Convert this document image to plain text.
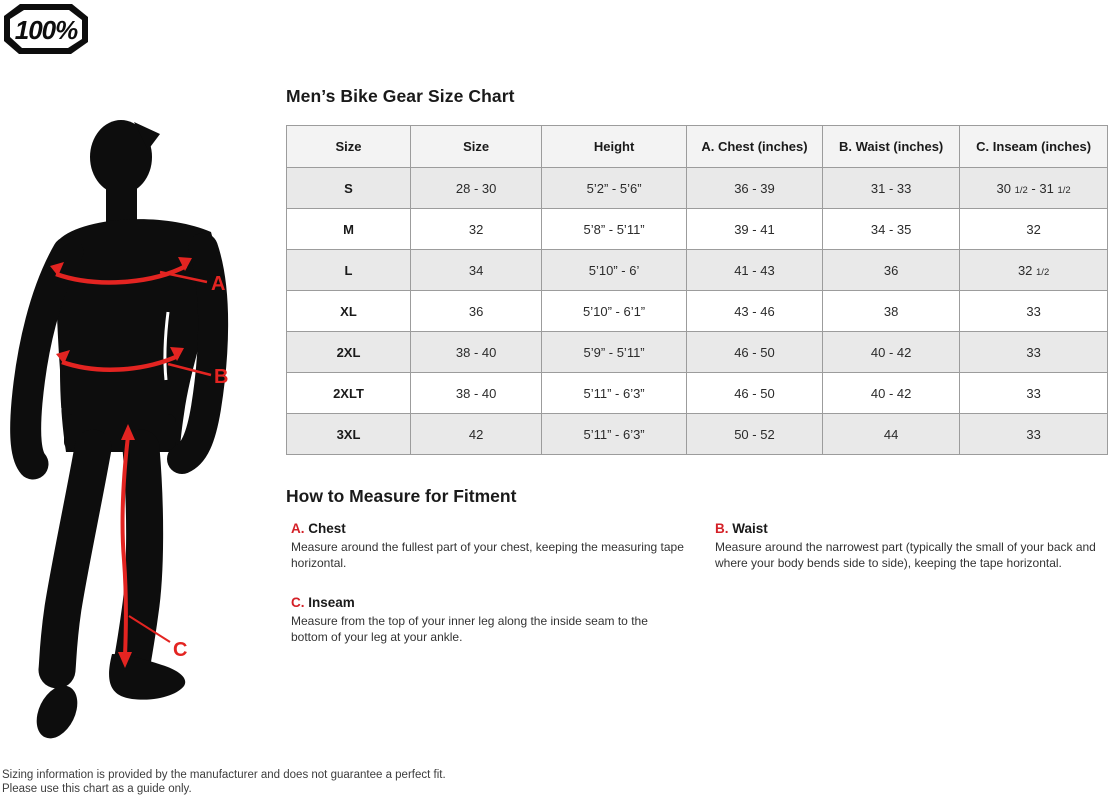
100%
A
B
C
Men’s Bike Gear Size Chart
Size	Size	Height	A. Chest (inches)	B. Waist (inches)	C. Inseam (inches)
S	28 - 30	5’2” - 5’6”	36 - 39	31 - 33	30 1/2 - 31 1/2
M	32	5’8” - 5’11”	39 - 41	34 - 35	32
L	34	5’10” - 6’	41 - 43	36	32 1/2
XL	36	5’10” - 6’1”	43 - 46	38	33
2XL	38 - 40	5’9” - 5’11”	46 - 50	40 - 42	33
2XLT	38 - 40	5’11” - 6’3”	46 - 50	40 - 42	33
3XL	42	5’11” - 6’3”	50 - 52	44	33
How to Measure for Fitment
A. Chest

Measure around the fullest part of your chest, keeping the measuring tape horizontal.

C. Inseam

Measure from the top of your inner leg along the inside seam to the bottom of your leg at your ankle.

B. Waist

Measure around the narrowest part (typically the small of your back and where your body bends side to side), keeping the tape horizontal.

Sizing information is provided by the manufacturer and does not guarantee a perfect fit.
Please use this chart as a guide only.
